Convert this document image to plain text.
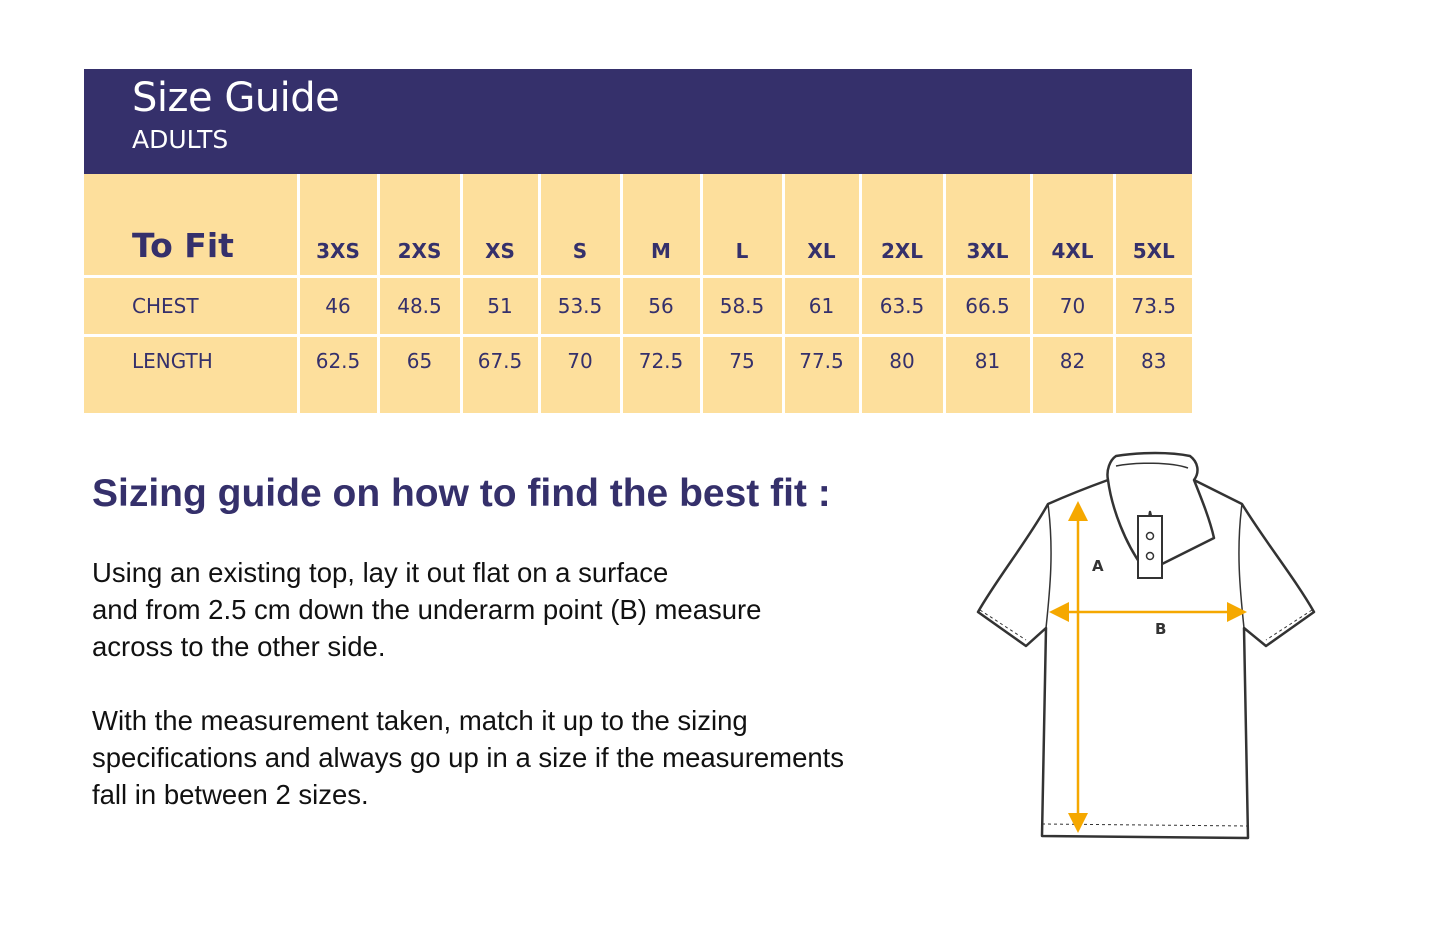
Size Guide
ADULTS
To Fit	3XS	2XS	XS	S	M	L	XL	2XL	3XL	4XL	5XL
CHEST	46	48.5	51	53.5	56	58.5	61	63.5	66.5	70	73.5
LENGTH	62.5	65	67.5	70	72.5	75	77.5	80	81	82	83
Sizing guide on how to find the best fit :
Using an existing top, lay it out flat on a surface
and from 2.5 cm down the underarm point (B) measure
across to the other side.
With the measurement taken, match it up to the sizing
specifications and always go up in a size if the measurements
fall in between 2 sizes.
A
B
